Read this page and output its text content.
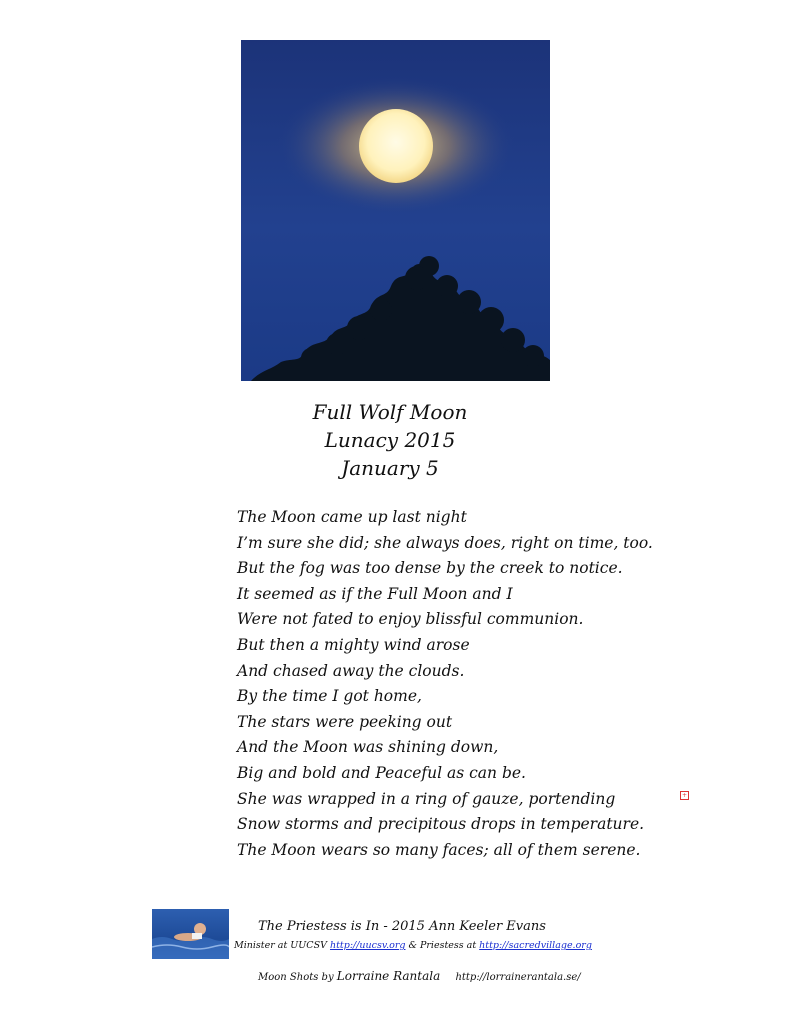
Full Wolf Moon
Lunacy 2015
January 5
The Moon came up last night
I’m sure she did; she always does, right on time, too.
But the fog was too dense by the creek to notice.
It seemed as if the Full Moon and I
Were not fated to enjoy blissful communion.
But then a mighty wind arose
And chased away the clouds.
By the time I got home,
The stars were peeking out
And the Moon was shining down,
Big and bold and Peaceful as can be.
She was wrapped in a ring of gauze, portending
Snow storms and precipitous drops in temperature.
The Moon wears so many faces; all of them serene.
+
The Priestess is In - 2015 Ann Keeler Evans
Minister at UUCSV http://uucsv.org & Priestess at http://sacredvillage.org
Moon Shots by Lorraine Rantala http://lorrainerantala.se/
